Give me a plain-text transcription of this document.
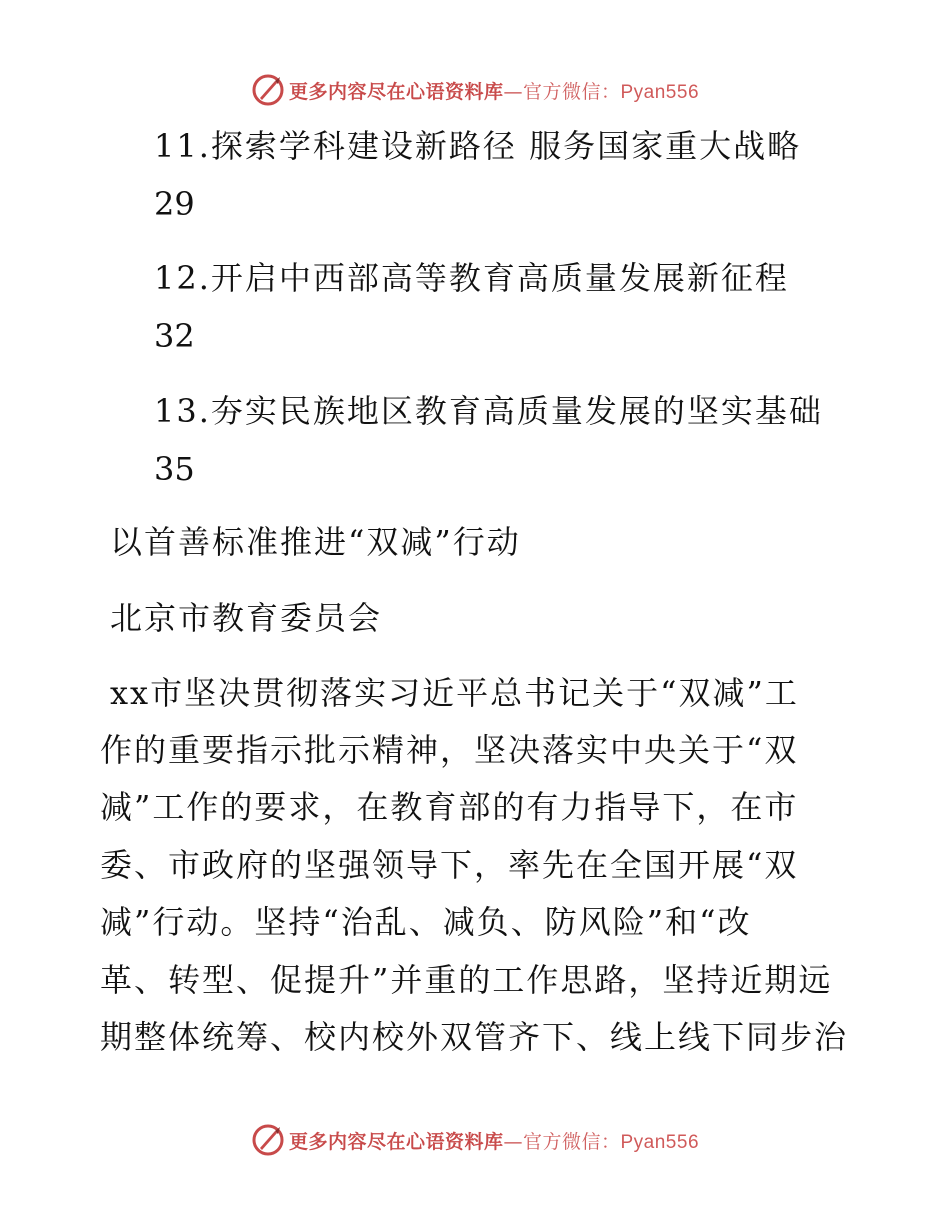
更多内容尽在心语资料库—官方微信：Pyan556
11.探索学科建设新路径 服务国家重大战略
29
12.开启中西部高等教育高质量发展新征程
32
13.夯实民族地区教育高质量发展的坚实基础
35
以首善标准推进“双减”行动
北京市教育委员会
xx市坚决贯彻落实习近平总书记关于“双减”工
作的重要指示批示精神，坚决落实中央关于“双
减”工作的要求，在教育部的有力指导下，在市
委、市政府的坚强领导下，率先在全国开展“双
减”行动。坚持“治乱、减负、防风险”和“改
革、转型、促提升”并重的工作思路，坚持近期远
期整体统筹、校内校外双管齐下、线上线下同步治
更多内容尽在心语资料库—官方微信：Pyan556
